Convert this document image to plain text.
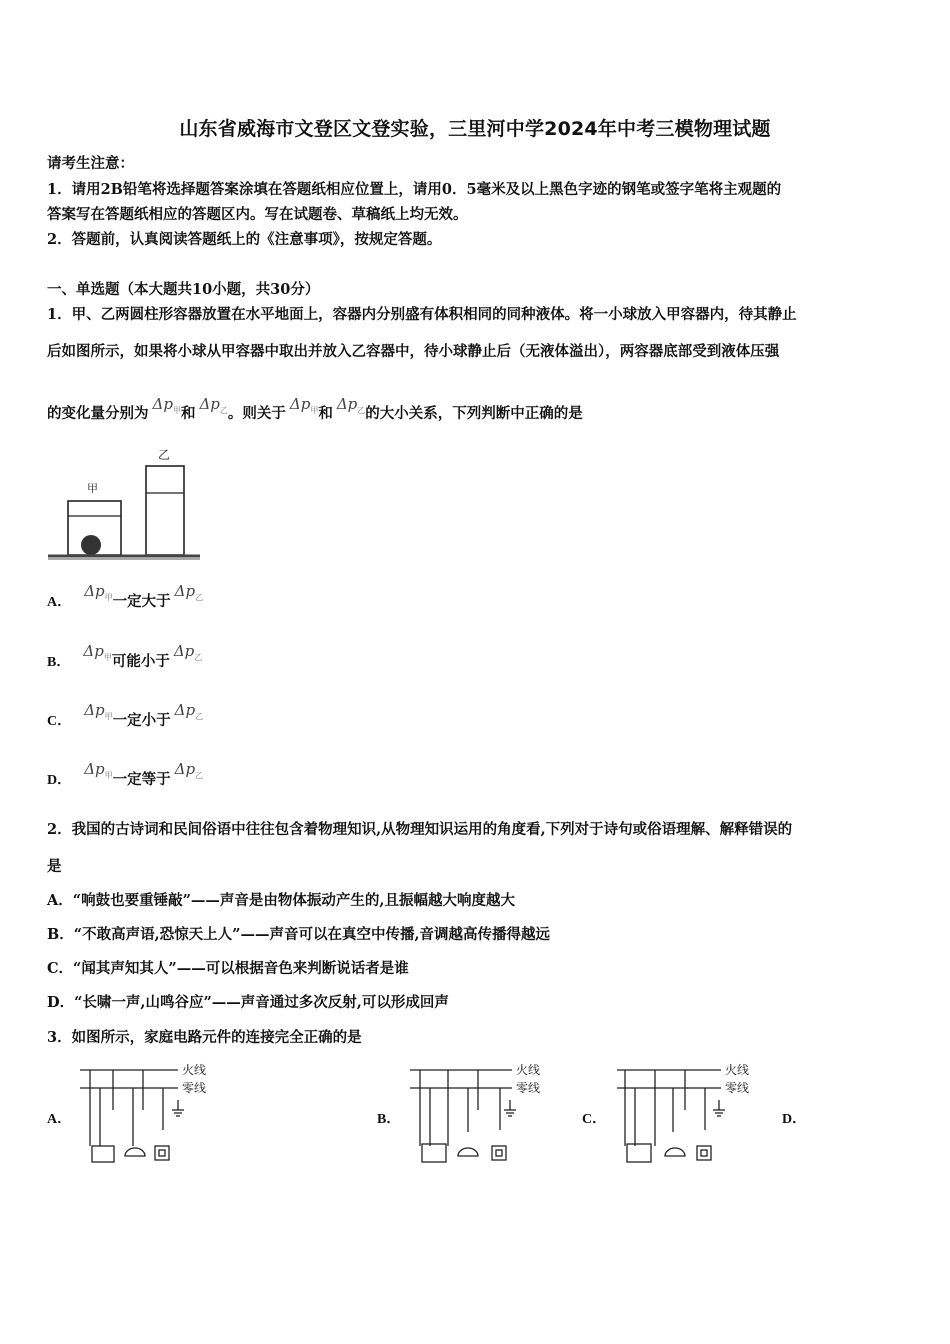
山东省威海市文登区文登实验，三里河中学2024年中考三模物理试题
请考生注意：
1．请用2B铅笔将选择题答案涂填在答题纸相应位置上，请用0．5毫米及以上黑色字迹的钢笔或签字笔将主观题的
答案写在答题纸相应的答题区内。写在试题卷、草稿纸上均无效。
2．答题前，认真阅读答题纸上的《注意事项》，按规定答题。
一、单选题（本大题共10小题，共30分）
1．甲、乙两圆柱形容器放置在水平地面上，容器内分别盛有体积相同的同种液体。将一小球放入甲容器内，待其静止
后如图所示，如果将小球从甲容器中取出并放入乙容器中，待小球静止后（无液体溢出），两容器底部受到液体压强
的变化量分别为$\Delta p_甲$和$\Delta p_乙$。则关于$\Delta p_甲$和$\Delta p_乙$的大小关系，下列判断中正确的是
甲
乙
A． $\Delta p_甲$一定大于$\Delta p_乙$
B． $\Delta p_甲$可能小于$\Delta p_乙$
C． $\Delta p_甲$一定小于$\Delta p_乙$
D． $\Delta p_甲$一定等于$\Delta p_乙$
2．我国的古诗词和民间俗语中往往包含着物理知识,从物理知识运用的角度看,下列对于诗句或俗语理解、解释错误的
是
A．“响鼓也要重锤敲”——声音是由物体振动产生的,且振幅越大响度越大
B．“不敢高声语,恐惊天上人”——声音可以在真空中传播,音调越高传播得越远
C．“闻其声知其人”——可以根据音色来判断说话者是谁
D．“长啸一声,山鸣谷应”——声音通过多次反射,可以形成回声
3．如图所示，家庭电路元件的连接完全正确的是
A．	B．	C．	D．
火线
零线
火线
零线
火线
零线
